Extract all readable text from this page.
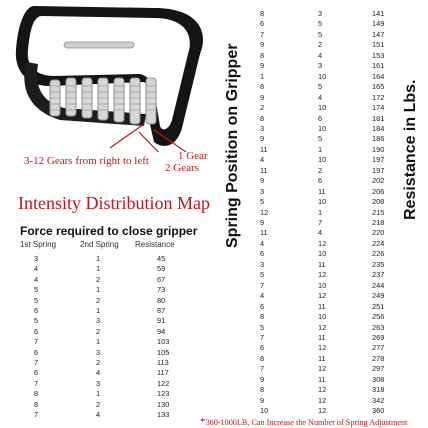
1 Gear
2 Gears
3-12 Gears from right to left
Intensity Distribution Map
Force required to close gripper
1st Spring	2nd Spring Resistance
3	1	45
4	1	59
4	2	67
5	1	73
5	2	80
6	1	87
5	3	91
6	2	94
7	1	103
6	3	105
7	2	113
6	4	117
7	3	122
8	1	123
8	2	130
7	4	133
Spring Position on Gripper
8	3	141
6	5	149
7	5	147
9	2	151
8	4	153
9	3	161
1	10	164
8	5	165
9	4	172
2	10	174
8	6	181
3	10	184
9	5	186
11	1	190
4	10	197
11	2	197
9	6	202
3	11	206
5	10	208
12	1	215
9	7	218
11	4	220
4	12	224
6	10	226
3	11	235
5	12	237
7	10	244
4	12	249
6	11	251
8	10	256
5	12	263
7	11	269
6	12	277
8	11	278
7	12	297
9	11	308
8	12	318
9	12	342
10	12	360
Resistance in Lbs.
*360-1000LB, Can Increase the Number of Spring Adjustment
